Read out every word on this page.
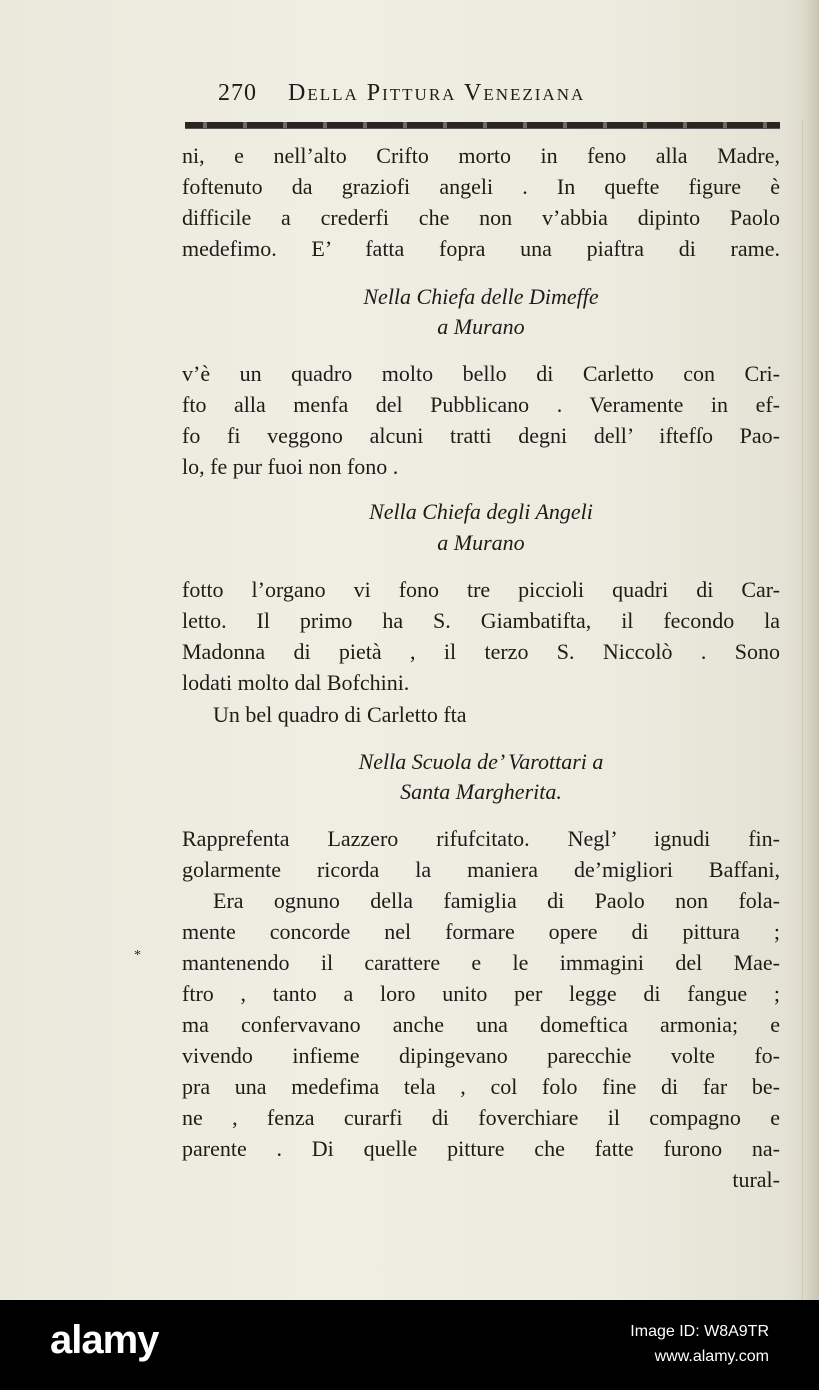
270 Della Pittura Veneziana
ni, e nell’alto Crifto morto in feno alla Madre,
foftenuto da graziofi angeli . In quefte figure è
difficile a crederfi che non v’abbia dipinto Paolo
medefimo. E’ fatta fopra una piaftra di rame.
Nella Chiefa delle Dimeffe
a Murano
v’è un quadro molto bello di Carletto con Cri-
fto alla menfa del Pubblicano . Veramente in ef-
fo fi veggono alcuni tratti degni dell’ iftefſo Pao-
lo, fe pur fuoi non fono .
Nella Chiefa degli Angeli
a Murano
fotto l’organo vi fono tre piccioli quadri di Car-
letto. Il primo ha S. Giambatifta, il fecondo la
Madonna di pietà , il terzo S. Niccolò . Sono
lodati molto dal Bofchini.
Un bel quadro di Carletto fta
Nella Scuola de’ Varottari a
Santa Margherita.
Rapprefenta Lazzero rifufcitato. Negl’ ignudi fin-
golarmente ricorda la maniera de’migliori Baffani,
Era ognuno della famiglia di Paolo non fola-
mente concorde nel formare opere di pittura ;
mantenendo il carattere e le immagini del Mae-
ftro , tanto a loro unito per legge di fangue ;
ma confervavano anche una domeftica armonia; e
vivendo infieme dipingevano parecchie volte fo-
pra una medefima tela , col folo fine di far be-
ne , fenza curarfi di foverchiare il compagno e
parente . Di quelle pitture che fatte furono na-
tural-
*
alamy	Image ID: W8A9TR
www.alamy.com
